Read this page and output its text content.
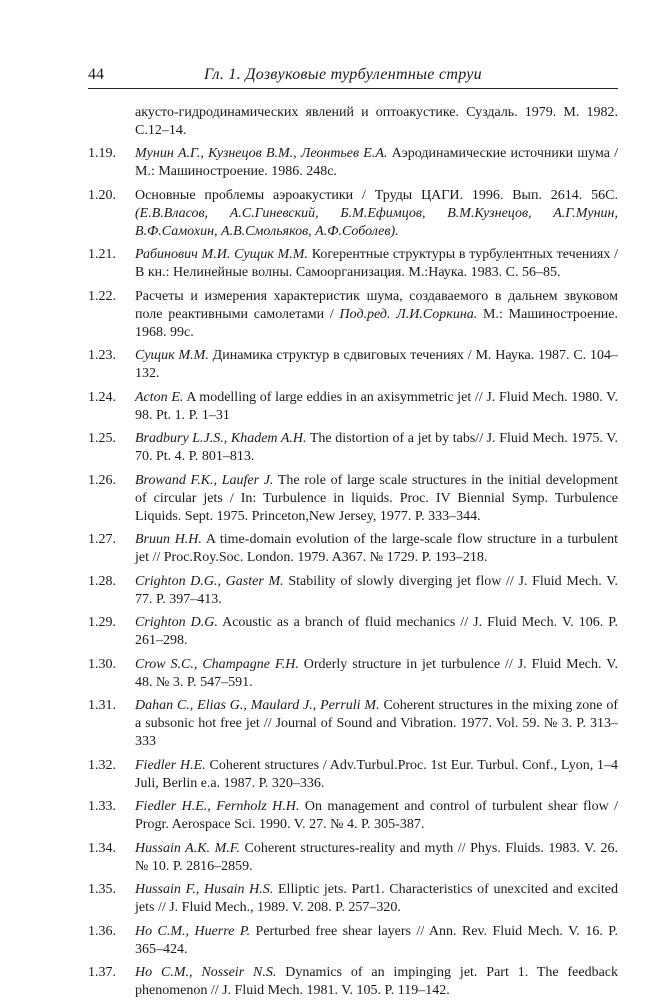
44	Гл. 1. Дозвуковые турбулентные струи
акусто-гидродинамических явлений и оптоакустике. Суздаль. 1979. М. 1982. С.12–14.
1.19.	Мунин А.Г., Кузнецов В.М., Леонтьев Е.А. Аэродинамические источники шума / М.: Машиностроение. 1986. 248с.
1.20.	Основные проблемы аэроакустики / Труды ЦАГИ. 1996. Вып. 2614. 56С. (Е.В.Власов, А.С.Гиневский, Б.М.Ефимцов, В.М.Кузнецов, А.Г.Мунин, В.Ф.Самохин, А.В.Смольяков, А.Ф.Соболев).
1.21.	Рабинович М.И. Сущик М.М. Когерентные структуры в турбулентных течениях / В кн.: Нелинейные волны. Самоорганизация. М.:Наука. 1983. С. 56–85.
1.22.	Расчеты и измерения характеристик шума, создаваемого в дальнем звуковом поле реактивными самолетами / Под.ред. Л.И.Соркина. М.: Машиностроение. 1968. 99с.
1.23.	Сущик М.М. Динамика структур в сдвиговых течениях / М. Наука. 1987. С. 104–132.
1.24.	Acton E. A modelling of large eddies in an axisymmetric jet // J. Fluid Mech. 1980. V. 98. Pt. 1. P. 1–31
1.25.	Bradbury L.J.S., Khadem A.H. The distortion of a jet by tabs// J. Fluid Mech. 1975. V. 70. Pt. 4. P. 801–813.
1.26.	Browand F.K., Laufer J. The role of large scale structures in the initial development of circular jets / In: Turbulence in liquids. Proc. IV Biennial Symp. Turbulence Liquids. Sept. 1975. Princeton,New Jersey, 1977. P. 333–344.
1.27.	Bruun H.H. A time-domain evolution of the large-scale flow structure in a turbulent jet // Proc.Roy.Soc. London. 1979. A367. № 1729. P. 193–218.
1.28.	Crighton D.G., Gaster M. Stability of slowly diverging jet flow // J. Fluid Mech. V. 77. P. 397–413.
1.29.	Crighton D.G. Acoustic as a branch of fluid mechanics // J. Fluid Mech. V. 106. P. 261–298.
1.30.	Crow S.C., Champagne F.H. Orderly structure in jet turbulence // J. Fluid Mech. V. 48. № 3. P. 547–591.
1.31.	Dahan C., Elias G., Maulard J., Perruli M. Coherent structures in the mixing zone of a subsonic hot free jet // Journal of Sound and Vibration. 1977. Vol. 59. № 3. P. 313–333
1.32.	Fiedler H.E. Coherent structures / Adv.Turbul.Proc. 1st Eur. Turbul. Conf., Lyon, 1–4 Juli, Berlin e.a. 1987. P. 320–336.
1.33.	Fiedler H.E., Fernholz H.H. On management and control of turbulent shear flow / Progr. Aerospace Sci. 1990. V. 27. № 4. P. 305-387.
1.34.	Hussain A.K. M.F. Coherent structures-reality and myth // Phys. Fluids. 1983. V. 26. № 10. P. 2816–2859.
1.35.	Hussain F., Husain H.S. Elliptic jets. Part1. Characteristics of unexcited and excited jets // J. Fluid Mech., 1989. V. 208. P. 257–320.
1.36.	Ho C.M., Huerre P. Perturbed free shear layers // Ann. Rev. Fluid Mech. V. 16. P. 365–424.
1.37.	Ho C.M., Nosseir N.S. Dynamics of an impinging jet. Part 1. The feedback phenomenon // J. Fluid Mech. 1981. V. 105. P. 119–142.
